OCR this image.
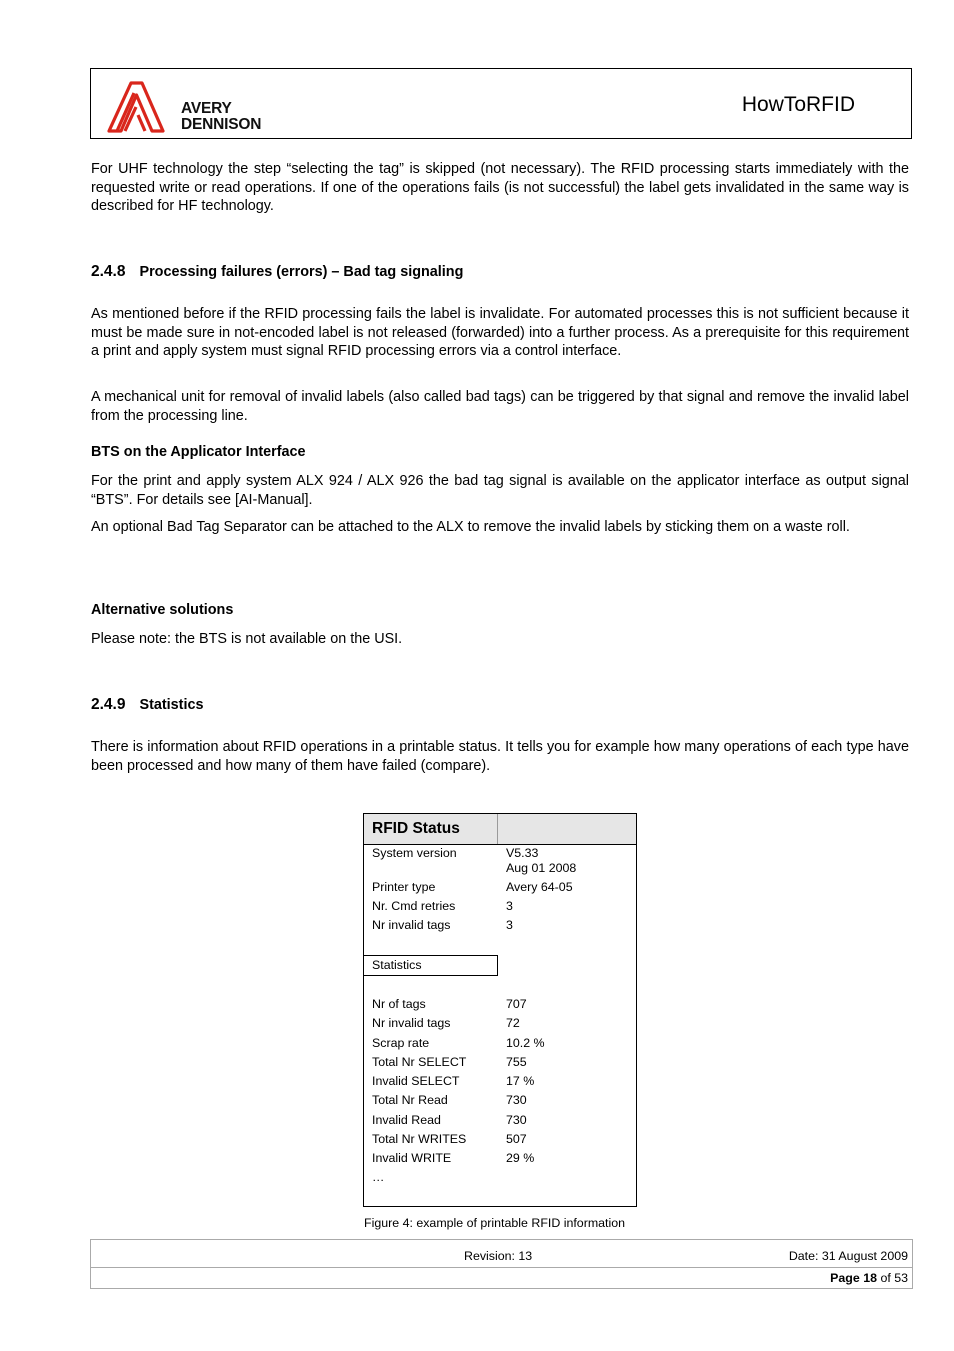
AVERY
DENNISON
HowToRFID

For UHF technology the step “selecting the tag” is skipped (not necessary). The RFID processing starts immediately with the requested write or read operations. If one of the operations fails (is not successful) the label gets invalidated in the same way is described for HF technology.

2.4.8 Processing failures (errors) – Bad tag signaling

As mentioned before if the RFID processing fails the label is invalidate. For automated processes this is not sufficient because it must be made sure in not-encoded label is not released (forwarded) into a further process. As a prerequisite for this requirement a print and apply system must signal RFID processing errors via a control interface.

A mechanical unit for removal of invalid labels (also called bad tags) can be triggered by that signal and remove the invalid label from the processing line.

BTS on the Applicator Interface

For the print and apply system ALX 924 / ALX 926 the bad tag signal is available on the applicator interface as output signal “BTS”. For details see [AI-Manual].

An optional Bad Tag Separator can be attached to the ALX to remove the invalid labels by sticking them on a waste roll.

Alternative solutions

Please note: the BTS is not available on the USI.

2.4.9 Statistics

There is information about RFID operations in a printable status. It tells you for example how many operations of each type have been processed and how many of them have failed (compare).

RFID Status
System version	V5.33
Aug 01 2008
Printer type	Avery 64-05
Nr. Cmd retries	3
Nr invalid tags	3
Statistics
Nr of tags	707
Nr invalid tags	72
Scrap rate	10.2 %
Total Nr SELECT	755
Invalid SELECT	17 %
Total Nr Read	730
Invalid Read	730
Total Nr WRITES	507
Invalid WRITE	29 %
…
Figure 4: example of printable RFID information
Revision: 13	Date: 31 August 2009
Page 18 of 53
